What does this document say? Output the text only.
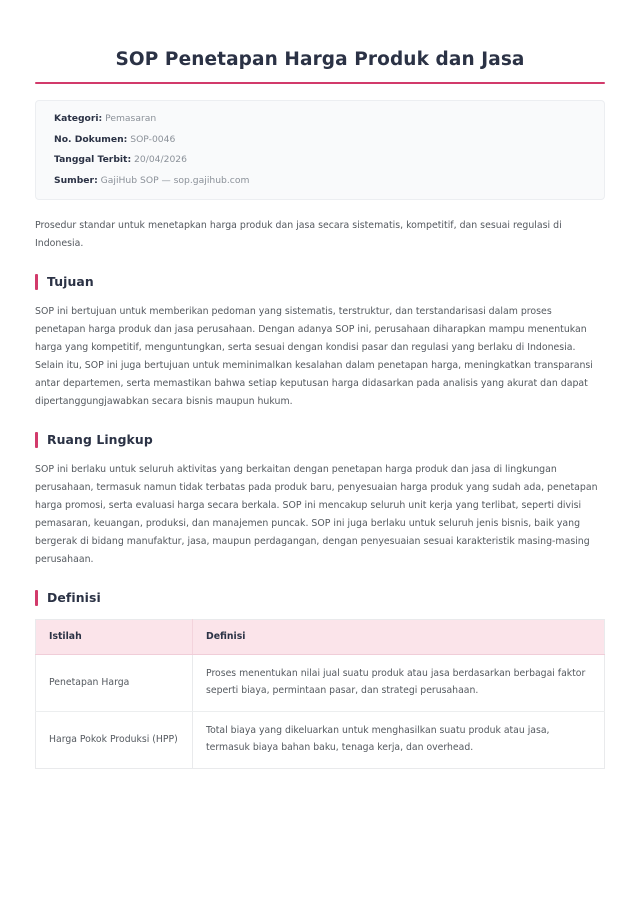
SOP Penetapan Harga Produk dan Jasa
Kategori: Pemasaran
No. Dokumen: SOP-0046
Tanggal Terbit: 20/04/2026
Sumber: GajiHub SOP — sop.gajihub.com

Prosedur standar untuk menetapkan harga produk dan jasa secara sistematis, kompetitif, dan sesuai regulasi di Indonesia.

Tujuan

SOP ini bertujuan untuk memberikan pedoman yang sistematis, terstruktur, dan terstandarisasi dalam proses penetapan harga produk dan jasa perusahaan. Dengan adanya SOP ini, perusahaan diharapkan mampu menentukan harga yang kompetitif, menguntungkan, serta sesuai dengan kondisi pasar dan regulasi yang berlaku di Indonesia. Selain itu, SOP ini juga bertujuan untuk meminimalkan kesalahan dalam penetapan harga, meningkatkan transparansi antar departemen, serta memastikan bahwa setiap keputusan harga didasarkan pada analisis yang akurat dan dapat dipertanggungjawabkan secara bisnis maupun hukum.

Ruang Lingkup

SOP ini berlaku untuk seluruh aktivitas yang berkaitan dengan penetapan harga produk dan jasa di lingkungan perusahaan, termasuk namun tidak terbatas pada produk baru, penyesuaian harga produk yang sudah ada, penetapan harga promosi, serta evaluasi harga secara berkala. SOP ini mencakup seluruh unit kerja yang terlibat, seperti divisi pemasaran, keuangan, produksi, dan manajemen puncak. SOP ini juga berlaku untuk seluruh jenis bisnis, baik yang bergerak di bidang manufaktur, jasa, maupun perdagangan, dengan penyesuaian sesuai karakteristik masing-masing perusahaan.

Definisi
Istilah	Definisi
Penetapan Harga	Proses menentukan nilai jual suatu produk atau jasa berdasarkan berbagai faktor seperti biaya, permintaan pasar, dan strategi perusahaan.
Harga Pokok Produksi (HPP)	Total biaya yang dikeluarkan untuk menghasilkan suatu produk atau jasa, termasuk biaya bahan baku, tenaga kerja, dan overhead.
